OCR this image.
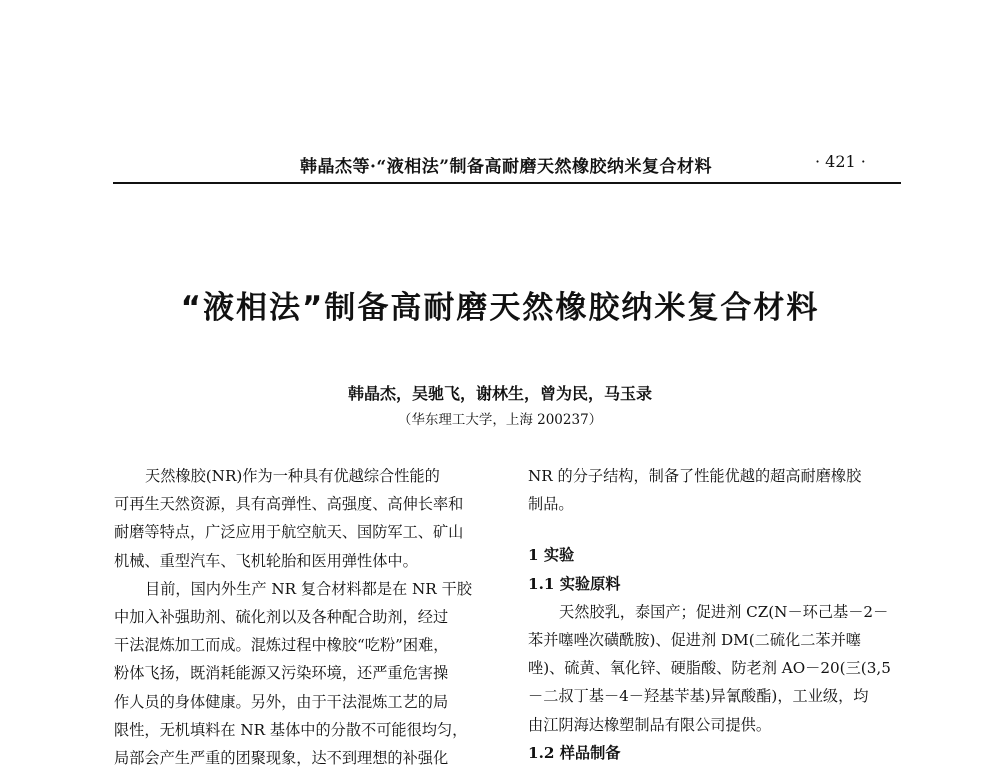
韩晶杰等·“液相法”制备高耐磨天然橡胶纳米复合材料	· 421 ·
“液相法”制备高耐磨天然橡胶纳米复合材料
韩晶杰，吴驰飞，谢林生，曾为民，马玉录
（华东理工大学，上海 200237）
天然橡胶(NR)作为一种具有优越综合性能的
可再生天然资源，具有高弹性、高强度、高伸长率和
耐磨等特点，广泛应用于航空航天、国防军工、矿山
机械、重型汽车、飞机轮胎和医用弹性体中。
目前，国内外生产 NR 复合材料都是在 NR 干胶
中加入补强助剂、硫化剂以及各种配合助剂，经过
干法混炼加工而成。混炼过程中橡胶“吃粉”困难，
粉体飞扬，既消耗能源又污染环境，还严重危害操
作人员的身体健康。另外，由于干法混炼工艺的局
限性，无机填料在 NR 基体中的分散不可能很均匀，
局部会产生严重的团聚现象，达不到理想的补强化
NR 的分子结构，制备了性能优越的超高耐磨橡胶
制品。
1 实验
1.1 实验原料
天然胶乳，泰国产；促进剂 CZ(N－环己基－2－
苯并噻唑次磺酰胺)、促进剂 DM(二硫化二苯并噻
唑)、硫黄、氧化锌、硬脂酸、防老剂 AO－20(三(3,5
－二叔丁基－4－羟基苄基)异氰酸酯)，工业级，均
由江阴海达橡塑制品有限公司提供。
1.2 样品制备
